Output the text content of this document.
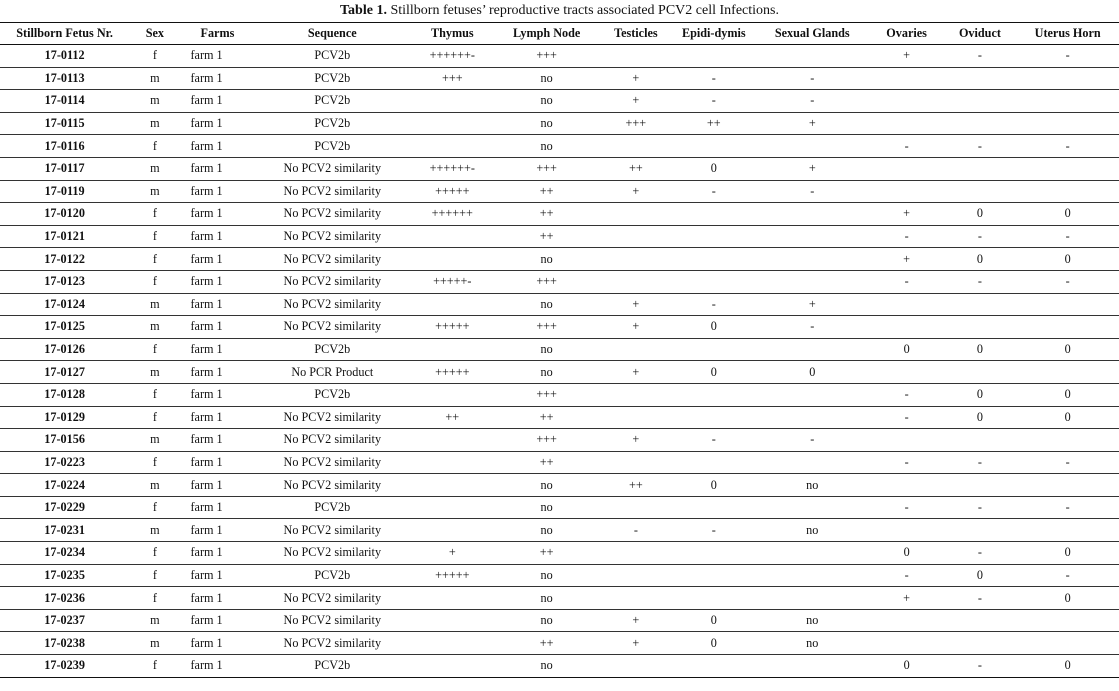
Table 1. Stillborn fetuses’ reproductive tracts associated PCV2 cell Infections.
Stillborn Fetus Nr.	Sex	Farms	Sequence	Thymus	Lymph Node	Testicles	Epidi-dymis	Sexual Glands	Ovaries	Oviduct	Uterus Horn
17-0112	f	farm 1	PCV2b	++++++-	+++				+	-	-
17-0113	m	farm 1	PCV2b	+++	no	+	-	-			
17-0114	m	farm 1	PCV2b		no	+	-	-			
17-0115	m	farm 1	PCV2b		no	+++	++	+			
17-0116	f	farm 1	PCV2b		no				-	-	-
17-0117	m	farm 1	No PCV2 similarity	++++++-	+++	++	0	+			
17-0119	m	farm 1	No PCV2 similarity	+++++	++	+	-	-			
17-0120	f	farm 1	No PCV2 similarity	++++++	++				+	0	0
17-0121	f	farm 1	No PCV2 similarity		++				-	-	-
17-0122	f	farm 1	No PCV2 similarity		no				+	0	0
17-0123	f	farm 1	No PCV2 similarity	+++++-	+++				-	-	-
17-0124	m	farm 1	No PCV2 similarity		no	+	-	+			
17-0125	m	farm 1	No PCV2 similarity	+++++	+++	+	0	-			
17-0126	f	farm 1	PCV2b		no				0	0	0
17-0127	m	farm 1	No PCR Product	+++++	no	+	0	0			
17-0128	f	farm 1	PCV2b		+++				-	0	0
17-0129	f	farm 1	No PCV2 similarity	++	++				-	0	0
17-0156	m	farm 1	No PCV2 similarity		+++	+	-	-			
17-0223	f	farm 1	No PCV2 similarity		++				-	-	-
17-0224	m	farm 1	No PCV2 similarity		no	++	0	no			
17-0229	f	farm 1	PCV2b		no				-	-	-
17-0231	m	farm 1	No PCV2 similarity		no	-	-	no			
17-0234	f	farm 1	No PCV2 similarity	+	++				0	-	0
17-0235	f	farm 1	PCV2b	+++++	no				-	0	-
17-0236	f	farm 1	No PCV2 similarity		no				+	-	0
17-0237	m	farm 1	No PCV2 similarity		no	+	0	no			
17-0238	m	farm 1	No PCV2 similarity		++	+	0	no			
17-0239	f	farm 1	PCV2b		no				0	-	0
